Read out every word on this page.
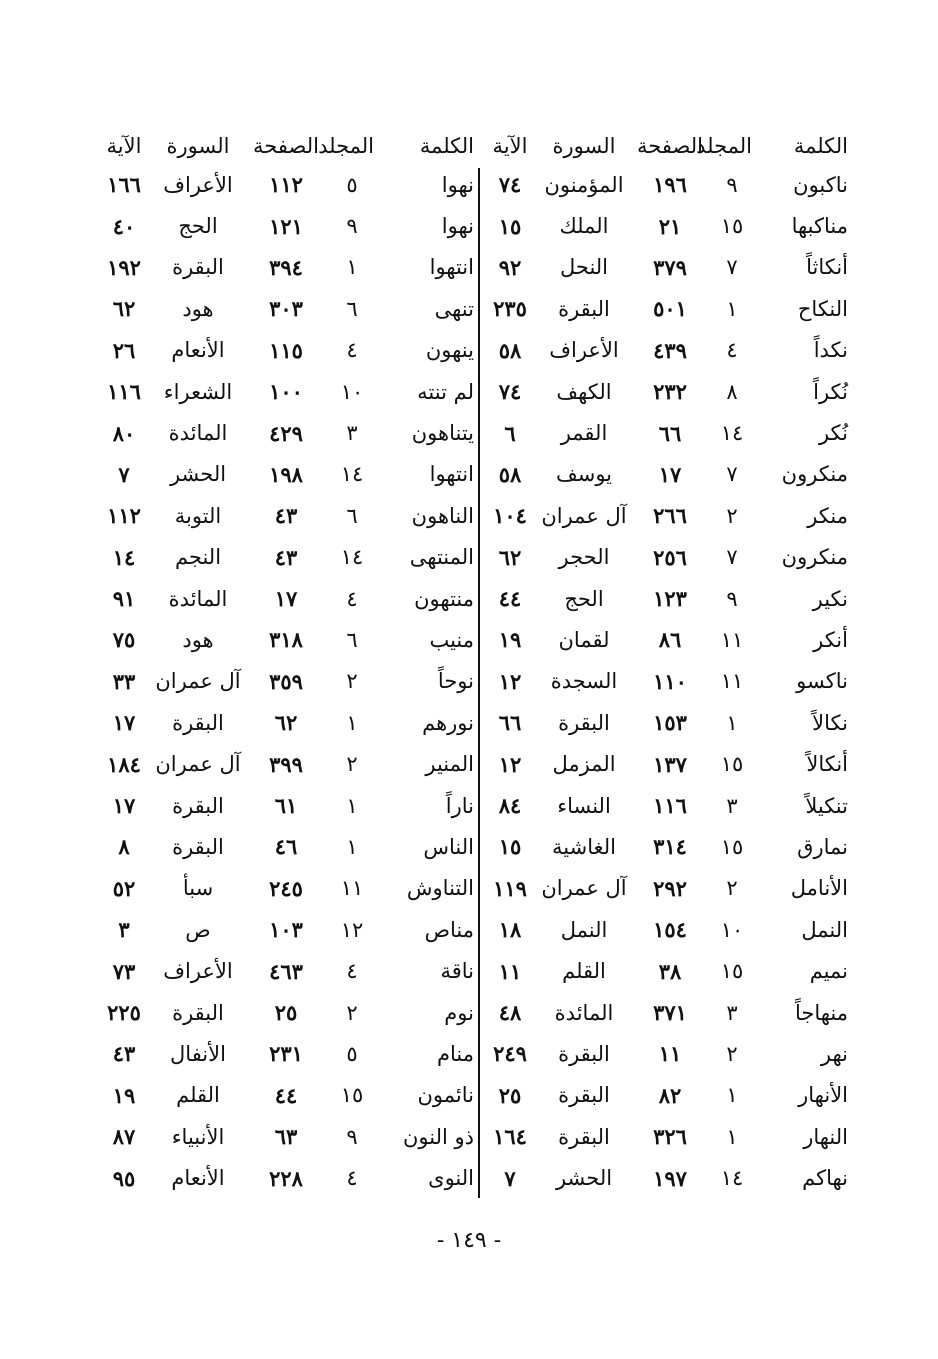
الكلمة
المجلد
الصفحة
السورة
الآية
ناكبون
٩
١٩٦
المؤمنون
٧٤
مناكبها
١٥
٢١
الملك
١٥
أنكاثاً
٧
٣٧٩
النحل
٩٢
النكاح
١
٥٠١
البقرة
٢٣٥
نكداً
٤
٤٣٩
الأعراف
٥٨
نُكراً
٨
٢٣٢
الكهف
٧٤
نُكر
١٤
٦٦
القمر
٦
منكرون
٧
١٧
يوسف
٥٨
منكر
٢
٢٦٦
آل عمران
١٠٤
منكرون
٧
٢٥٦
الحجر
٦٢
نكير
٩
١٢٣
الحج
٤٤
أنكر
١١
٨٦
لقمان
١٩
ناكسو
١١
١١٠
السجدة
١٢
نكالاً
١
١٥٣
البقرة
٦٦
أنكالاً
١٥
١٣٧
المزمل
١٢
تنكيلاً
٣
١١٦
النساء
٨٤
نمارق
١٥
٣١٤
الغاشية
١٥
الأنامل
٢
٢٩٢
آل عمران
١١٩
النمل
١٠
١٥٤
النمل
١٨
نميم
١٥
٣٨
القلم
١١
منهاجاً
٣
٣٧١
المائدة
٤٨
نهر
٢
١١
البقرة
٢٤٩
الأنهار
١
٨٢
البقرة
٢٥
النهار
١
٣٢٦
البقرة
١٦٤
نهاكم
١٤
١٩٧
الحشر
٧
الكلمة
المجلد
الصفحة
السورة
الآية
نهوا
٥
١١٢
الأعراف
١٦٦
نهوا
٩
١٢١
الحج
٤٠
انتهوا
١
٣٩٤
البقرة
١٩٢
تنهى
٦
٣٠٣
هود
٦٢
ينهون
٤
١١٥
الأنعام
٢٦
لم تنته
١٠
١٠٠
الشعراء
١١٦
يتناهون
٣
٤٢٩
المائدة
٨٠
انتهوا
١٤
١٩٨
الحشر
٧
الناهون
٦
٤٣
التوبة
١١٢
المنتهى
١٤
٤٣
النجم
١٤
منتهون
٤
١٧
المائدة
٩١
منيب
٦
٣١٨
هود
٧٥
نوحاً
٢
٣٥٩
آل عمران
٣٣
نورهم
١
٦٢
البقرة
١٧
المنير
٢
٣٩٩
آل عمران
١٨٤
ناراً
١
٦١
البقرة
١٧
الناس
١
٤٦
البقرة
٨
التناوش
١١
٢٤٥
سبأ
٥٢
مناص
١٢
١٠٣
ص
٣
ناقة
٤
٤٦٣
الأعراف
٧٣
نوم
٢
٢٥
البقرة
٢٢٥
منام
٥
٢٣١
الأنفال
٤٣
نائمون
١٥
٤٤
القلم
١٩
ذو النون
٩
٦٣
الأنبياء
٨٧
النوى
٤
٢٢٨
الأنعام
٩٥
- ١٤٩ -
